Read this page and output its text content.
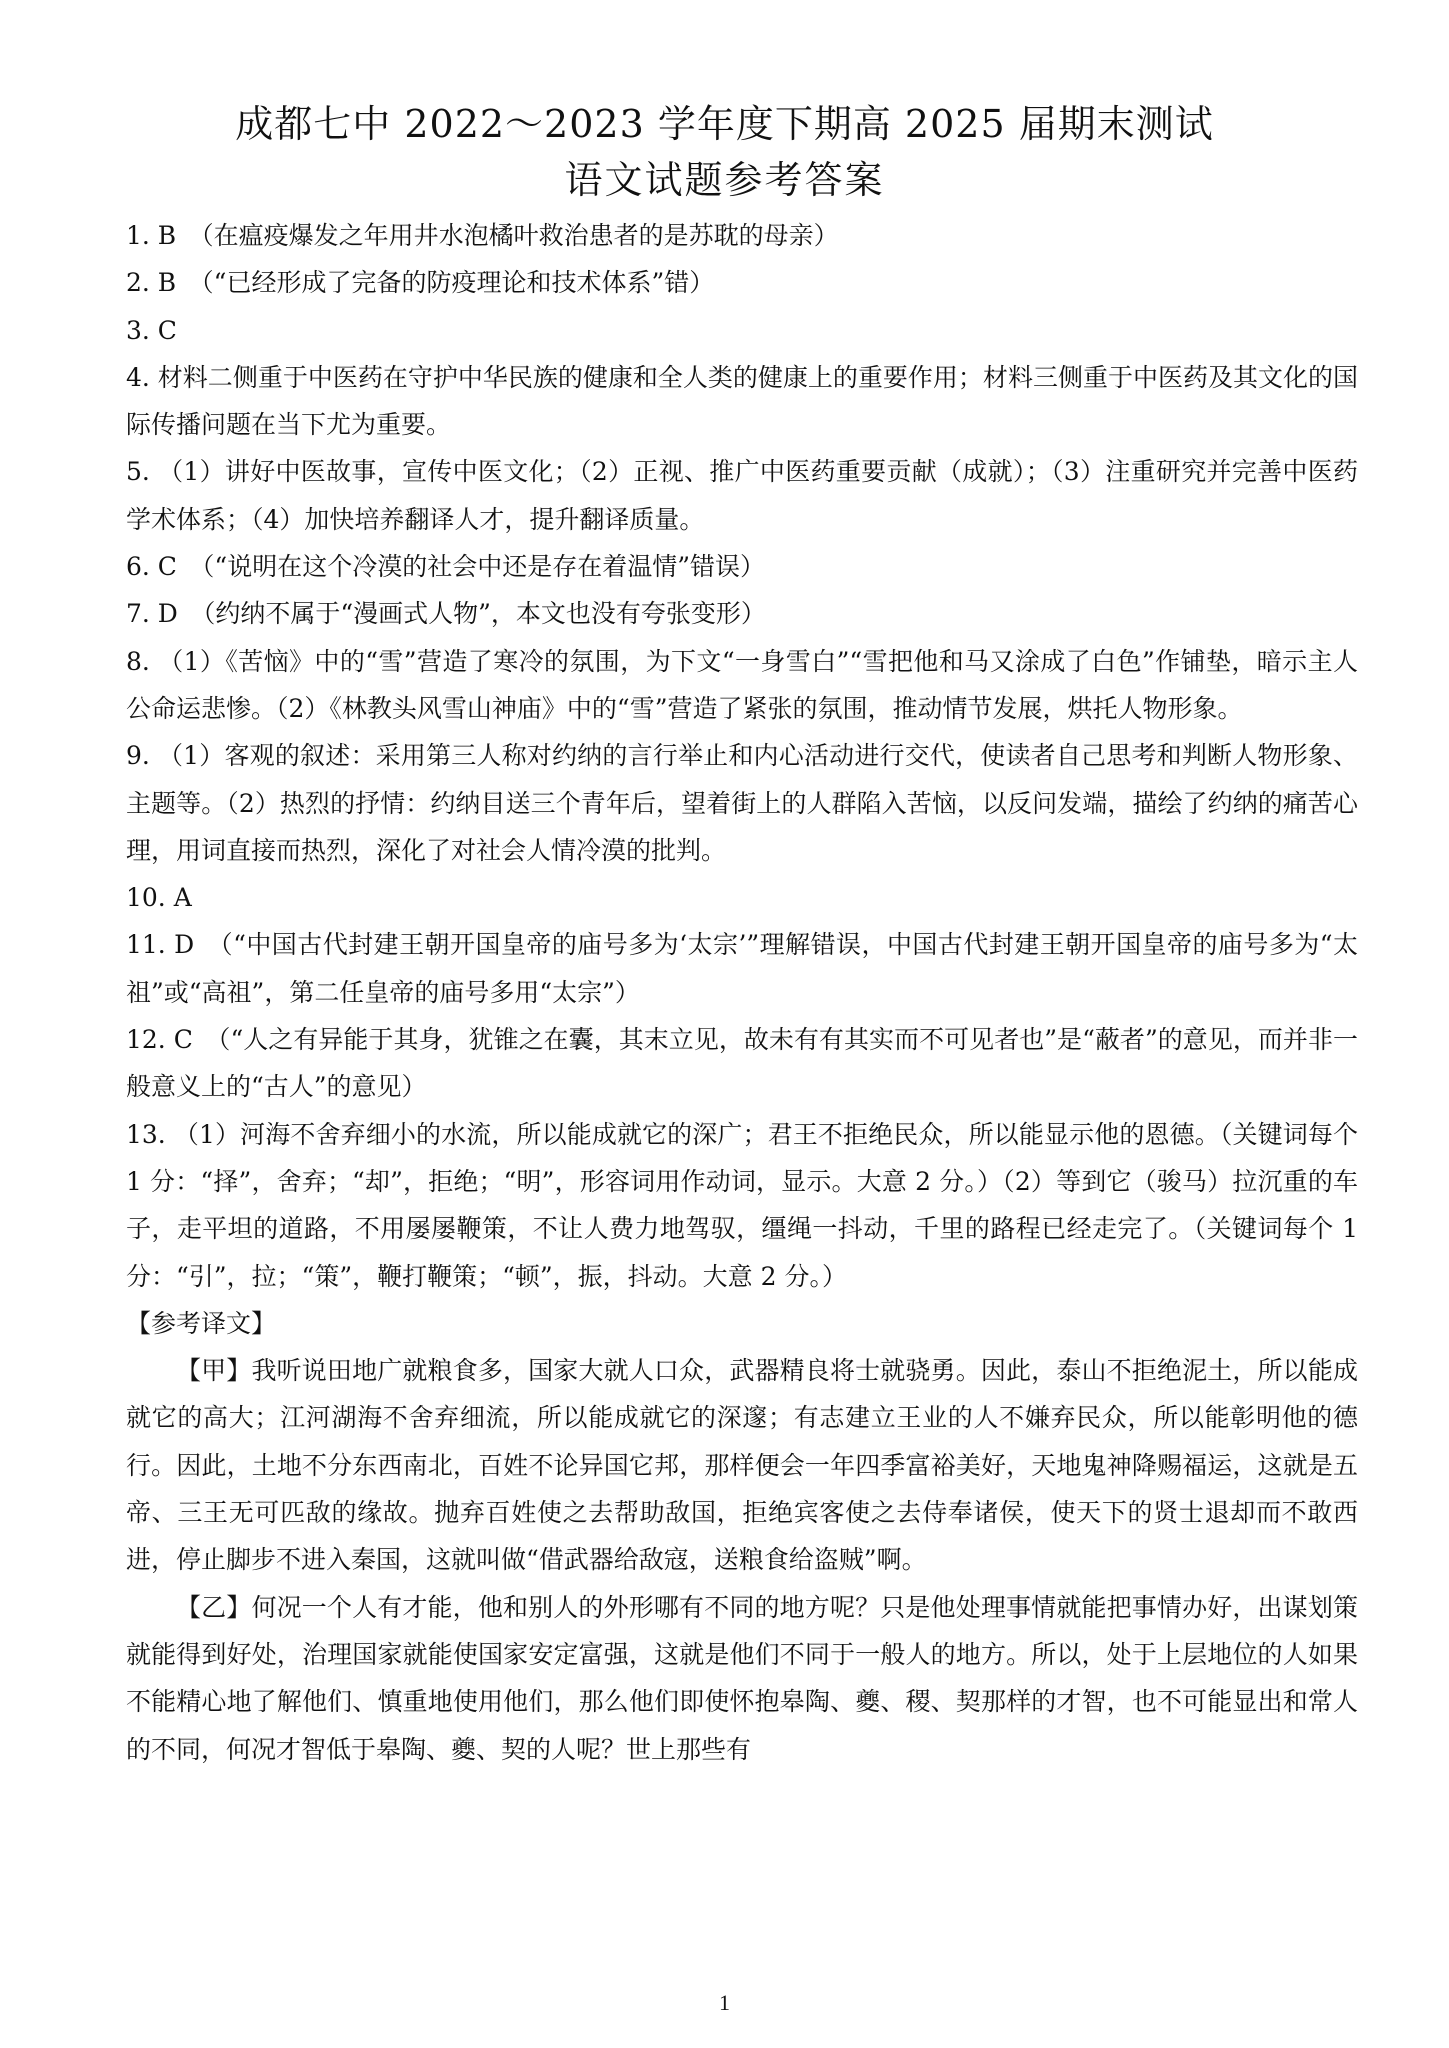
成都七中 2022～2023 学年度下期高 2025 届期末测试
语文试题参考答案

1. B　（在瘟疫爆发之年用井水泡橘叶救治患者的是苏耽的母亲）

2. B　（“已经形成了完备的防疫理论和技术体系”错）

3. C

4. 材料二侧重于中医药在守护中华民族的健康和全人类的健康上的重要作用；材料三侧重于中医药及其文化的国际传播问题在当下尤为重要。

5. （1）讲好中医故事，宣传中医文化；（2）正视、推广中医药重要贡献（成就）；（3）注重研究并完善中医药学术体系；（4）加快培养翻译人才，提升翻译质量。

6. C　（“说明在这个冷漠的社会中还是存在着温情”错误）

7. D　（约纳不属于“漫画式人物”，本文也没有夸张变形）

8. （1）《苦恼》中的“雪”营造了寒冷的氛围，为下文“一身雪白”“雪把他和马又涂成了白色”作铺垫，暗示主人公命运悲惨。（2）《林教头风雪山神庙》中的“雪”营造了紧张的氛围，推动情节发展，烘托人物形象。

9. （1）客观的叙述：采用第三人称对约纳的言行举止和内心活动进行交代，使读者自己思考和判断人物形象、主题等。（2）热烈的抒情：约纳目送三个青年后，望着街上的人群陷入苦恼，以反问发端，描绘了约纳的痛苦心理，用词直接而热烈，深化了对社会人情冷漠的批判。

10. A

11. D　（“中国古代封建王朝开国皇帝的庙号多为‘太宗’”理解错误，中国古代封建王朝开国皇帝的庙号多为“太祖”或“高祖”，第二任皇帝的庙号多用“太宗”）

12. C　（“人之有异能于其身，犹锥之在囊，其末立见，故未有有其实而不可见者也”是“蔽者”的意见，而并非一般意义上的“古人”的意见）

13. （1）河海不舍弃细小的水流，所以能成就它的深广；君王不拒绝民众，所以能显示他的恩德。（关键词每个 1 分：“择”，舍弃；“却”，拒绝；“明”，形容词用作动词，显示。大意 2 分。）（2）等到它（骏马）拉沉重的车子，走平坦的道路，不用屡屡鞭策，不让人费力地驾驭，缰绳一抖动，千里的路程已经走完了。（关键词每个 1 分：“引”，拉；“策”，鞭打鞭策；“顿”，振，抖动。大意 2 分。）

【参考译文】

【甲】我听说田地广就粮食多，国家大就人口众，武器精良将士就骁勇。因此，泰山不拒绝泥土，所以能成就它的高大；江河湖海不舍弃细流，所以能成就它的深邃；有志建立王业的人不嫌弃民众，所以能彰明他的德行。因此，土地不分东西南北，百姓不论异国它邦，那样便会一年四季富裕美好，天地鬼神降赐福运，这就是五帝、三王无可匹敌的缘故。抛弃百姓使之去帮助敌国，拒绝宾客使之去侍奉诸侯，使天下的贤士退却而不敢西进，停止脚步不进入秦国，这就叫做“借武器给敌寇，送粮食给盗贼”啊。

【乙】何况一个人有才能，他和别人的外形哪有不同的地方呢？只是他处理事情就能把事情办好，出谋划策就能得到好处，治理国家就能使国家安定富强，这就是他们不同于一般人的地方。所以，处于上层地位的人如果不能精心地了解他们、慎重地使用他们，那么他们即使怀抱皋陶、夔、稷、契那样的才智，也不可能显出和常人的不同，何况才智低于皋陶、夔、契的人呢？世上那些有

1
